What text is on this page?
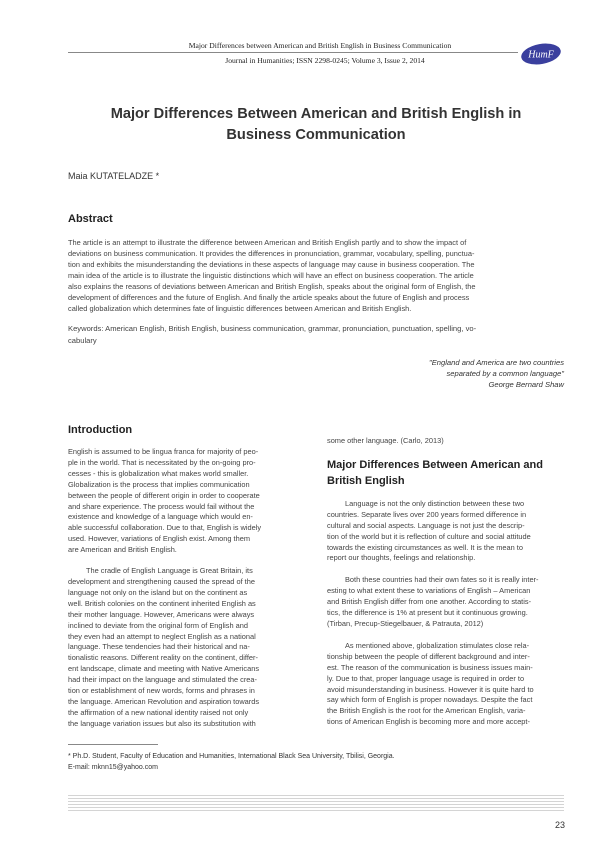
Major Differences between American and British English in Business Communication
Journal in Humanities; ISSN 2298-0245; Volume 3, Issue 2, 2014	HumF
Major Differences Between American and British English in
Business Communication
Maia KUTATELADZE *
Abstract
The article is an attempt to illustrate the difference between American and British English partly and to show the impact of
deviations on business communication. It provides the differences in pronunciation, grammar, vocabulary, spelling, punctua-
tion and exhibits the misunderstanding the deviations in these aspects of language may cause in business cooperation. The
main idea of the article is to illustrate the linguistic distinctions which will have an effect on business cooperation. The article
also explains the reasons of deviations between American and British English, speaks about the original form of English, the
development of differences and the future of English. And finally the article speaks about the future of English and process
called globalization which determines fate of linguistic differences between American and British English.
Keywords: American English, British English, business communication, grammar, pronunciation, punctuation, spelling, vo-
cabulary
"England and America are two countries
separated by a common language"
George Bernard Shaw
Introduction
English is assumed to be lingua franca for majority of peo-
ple in the world. That is necessitated by the on-going pro-
cesses - this is globalization what makes world smaller.
Globalization is the process that implies communication
between the people of different origin in order to cooperate
and share experience. The process would fail without the
existence and knowledge of a language which would en-
able successful collaboration. Due to that, English is widely
used. However, variations of English exist. Among them
are American and British English.
The cradle of English Language is Great Britain, its
development and strengthening caused the spread of the
language not only on the island but on the continent as
well. British colonies on the continent inherited English as
their mother language. However, Americans were always
inclined to deviate from the original form of English and
they even had an attempt to neglect English as a national
language. These tendencies had their historical and na-
tionalistic reasons. Different reality on the continent, differ-
ent landscape, climate and meeting with Native Americans
had their impact on the language and stimulated the crea-
tion or establishment of new words, forms and phrases in
the language. American Revolution and aspiration towards
the affirmation of a new national identity raised not only
the language variation issues but also its substitution with
some other language. (Carlo, 2013)
Major Differences Between American and
British English
Language is not the only distinction between these two
countries. Separate lives over 200 years formed difference in
cultural and social aspects. Language is not just the descrip-
tion of the world but it is reflection of culture and social attitude
towards the existing circumstances as well. It is the mean to
report our thoughts, feelings and relationship.
Both these countries had their own fates so it is really inter-
esting to what extent these to variations of English – American
and British English differ from one another. According to statis-
tics, the difference is 1% at present but it continuous growing.
(Tirban, Precup-Stiegelbauer, & Patrauta, 2012)
As mentioned above, globalization stimulates close rela-
tionship between the people of different background and inter-
est. The reason of the communication is business issues main-
ly. Due to that, proper language usage is required in order to
avoid misunderstanding in business. However it is quite hard to
say which form of English is proper nowadays. Despite the fact
the British English is the root for the American English, varia-
tions of American English is becoming more and more accept-
* Ph.D. Student, Faculty of Education and Humanities, International Black Sea University, Tbilisi, Georgia.
E-mail: mknn15@yahoo.com
23
